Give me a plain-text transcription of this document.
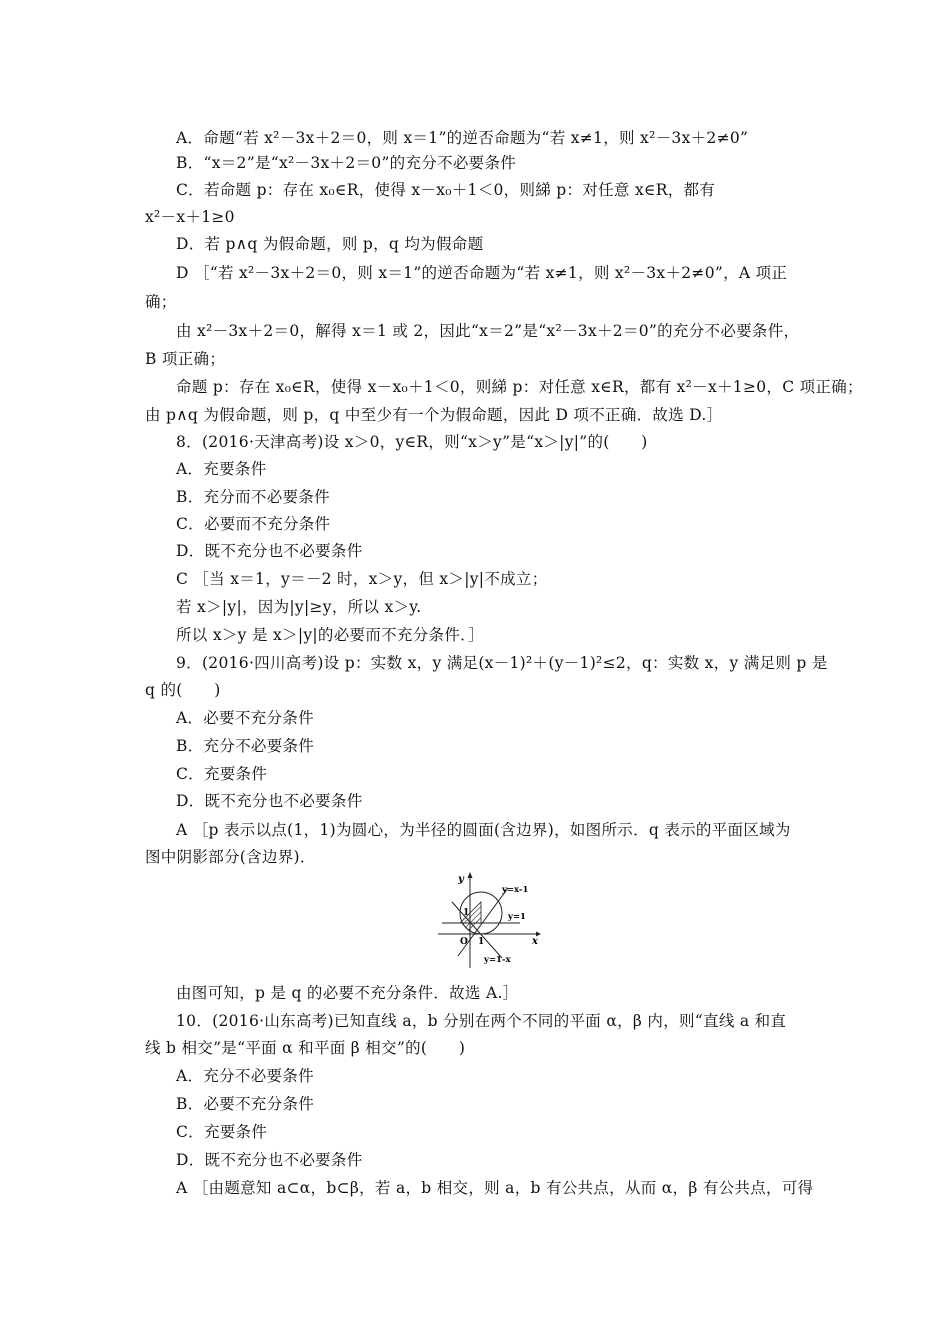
A．命题“若 x²－3x＋2＝0，则 x＝1”的逆否命题为“若 x≠1，则 x²－3x＋2≠0”
B．“x＝2”是“x²－3x＋2＝0”的充分不必要条件
C．若命题 p：存在 x₀∈R，使得 x－x₀＋1＜0，则綈 p：对任意 x∈R，都有
x²－x＋1≥0
D．若 p∧q 为假命题，则 p，q 均为假命题
D ［“若 x²－3x＋2＝0，则 x＝1”的逆否命题为“若 x≠1，则 x²－3x＋2≠0”，A 项正
确；
由 x²－3x＋2＝0，解得 x＝1 或 2，因此“x＝2”是“x²－3x＋2＝0”的充分不必要条件，
B 项正确；
命题 p：存在 x₀∈R，使得 x－x₀＋1＜0，则綈 p：对任意 x∈R，都有 x²－x＋1≥0，C 项正确；
由 p∧q 为假命题，则 p，q 中至少有一个为假命题，因此 D 项不正确．故选 D.］
8．(2016·天津高考)设 x＞0，y∈R，则“x＞y”是“x＞|y|”的(　　)
A．充要条件
B．充分而不必要条件
C．必要而不充分条件
D．既不充分也不必要条件
C ［当 x＝1，y＝－2 时，x＞y，但 x＞|y|不成立；
若 x＞|y|，因为|y|≥y，所以 x＞y.
所以 x＞y 是 x＞|y|的必要而不充分条件．］
9．(2016·四川高考)设 p：实数 x，y 满足(x－1)²＋(y－1)²≤2，q：实数 x，y 满足则 p 是
q 的(　　)
A．必要不充分条件
B．充分不必要条件
C．充要条件
D．既不充分也不必要条件
A ［p 表示以点(1，1)为圆心，为半径的圆面(含边界)，如图所示．q 表示的平面区域为
图中阴影部分(含边界)．
y
x
O 1
1
y=x-1
y=1
y=1-x
由图可知，p 是 q 的必要不充分条件．故选 A.］
10．(2016·山东高考)已知直线 a，b 分别在两个不同的平面 α，β 内，则“直线 a 和直
线 b 相交”是“平面 α 和平面 β 相交”的(　　)
A．充分不必要条件
B．必要不充分条件
C．充要条件
D．既不充分也不必要条件
A ［由题意知 a⊂α，b⊂β，若 a，b 相交，则 a，b 有公共点，从而 α，β 有公共点，可得
